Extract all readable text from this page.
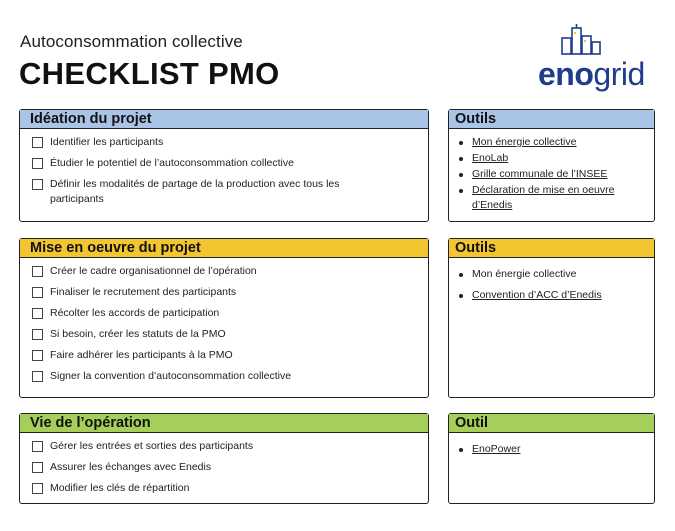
Autoconsommation collective
CHECKLIST PMO	enogrid
Idéation du projet
Identifier les participants
Étudier le potentiel de l’autoconsommation collective
Définir les modalités de partage de la production avec tous les participants
Outils
Mon énergie collective
EnoLab
Grille communale de l’INSEE
Déclaration de mise en oeuvre d’Enedis
Mise en oeuvre du projet
Créer le cadre organisationnel de l’opération
Finaliser le recrutement des participants
Récolter les accords de participation
Si besoin, créer les statuts de la PMO
Faire adhérer les participants à la PMO
Signer la convention d’autoconsommation collective
Outils
Mon énergie collective
Convention d’ACC d’Enedis
Vie de l’opération
Gérer les entrées et sorties des participants
Assurer les échanges avec Enedis
Modifier les clés de répartition
Outil
EnoPower
